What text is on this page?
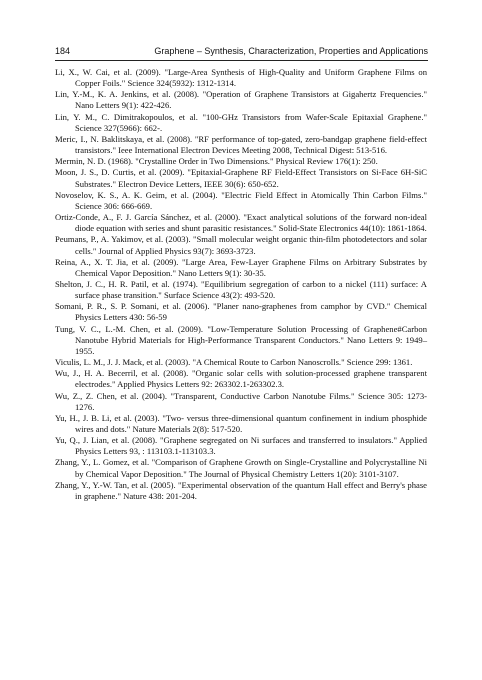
184	Graphene – Synthesis, Characterization, Properties and Applications

Li, X., W. Cai, et al. (2009). "Large-Area Synthesis of High-Quality and Uniform Graphene Films on Copper Foils." Science 324(5932): 1312-1314.

Lin, Y.-M., K. A. Jenkins, et al. (2008). "Operation of Graphene Transistors at Gigahertz Frequencies." Nano Letters 9(1): 422-426.

Lin, Y. M., C. Dimitrakopoulos, et al. "100-GHz Transistors from Wafer-Scale Epitaxial Graphene." Science 327(5966): 662-.

Meric, I., N. Baklitskaya, et al. (2008). "RF performance of top-gated, zero-bandgap graphene field-effect transistors." Ieee International Electron Devices Meeting 2008, Technical Digest: 513-516.

Mermin, N. D. (1968). "Crystalline Order in Two Dimensions." Physical Review 176(1): 250.

Moon, J. S., D. Curtis, et al. (2009). "Epitaxial-Graphene RF Field-Effect Transistors on Si-Face 6H-SiC Substrates." Electron Device Letters, IEEE 30(6): 650-652.

Novoselov, K. S., A. K. Geim, et al. (2004). "Electric Field Effect in Atomically Thin Carbon Films." Science 306: 666-669.

Ortiz-Conde, A., F. J. García Sánchez, et al. (2000). "Exact analytical solutions of the forward non-ideal diode equation with series and shunt parasitic resistances." Solid-State Electronics 44(10): 1861-1864.

Peumans, P., A. Yakimov, et al. (2003). "Small molecular weight organic thin-film photodetectors and solar cells." Journal of Applied Physics 93(7): 3693-3723.

Reina, A., X. T. Jia, et al. (2009). "Large Area, Few-Layer Graphene Films on Arbitrary Substrates by Chemical Vapor Deposition." Nano Letters 9(1): 30-35.

Shelton, J. C., H. R. Patil, et al. (1974). "Equilibrium segregation of carbon to a nickel (111) surface: A surface phase transition." Surface Science 43(2): 493-520.

Somani, P. R., S. P. Somani, et al. (2006). "Planer nano-graphenes from camphor by CVD." Chemical Physics Letters 430: 56-59

Tung, V. C., L.-M. Chen, et al. (2009). "Low-Temperature Solution Processing of Graphene#Carbon Nanotube Hybrid Materials for High-Performance Transparent Conductors." Nano Letters 9: 1949–1955.

Viculis, L. M., J. J. Mack, et al. (2003). "A Chemical Route to Carbon Nanoscrolls." Science 299: 1361.

Wu, J., H. A. Becerril, et al. (2008). "Organic solar cells with solution-processed graphene transparent electrodes." Applied Physics Letters 92: 263302.1-263302.3.

Wu, Z., Z. Chen, et al. (2004). "Transparent, Conductive Carbon Nanotube Films." Science 305: 1273-1276.

Yu, H., J. B. Li, et al. (2003). "Two- versus three-dimensional quantum confinement in indium phosphide wires and dots." Nature Materials 2(8): 517-520.

Yu, Q., J. Lian, et al. (2008). "Graphene segregated on Ni surfaces and transferred to insulators." Applied Physics Letters 93, : 113103.1-113103.3.

Zhang, Y., L. Gomez, et al. "Comparison of Graphene Growth on Single-Crystalline and Polycrystalline Ni by Chemical Vapor Deposition." The Journal of Physical Chemistry Letters 1(20): 3101-3107.

Zhang, Y., Y.-W. Tan, et al. (2005). "Experimental observation of the quantum Hall effect and Berry's phase in graphene." Nature 438: 201-204.
